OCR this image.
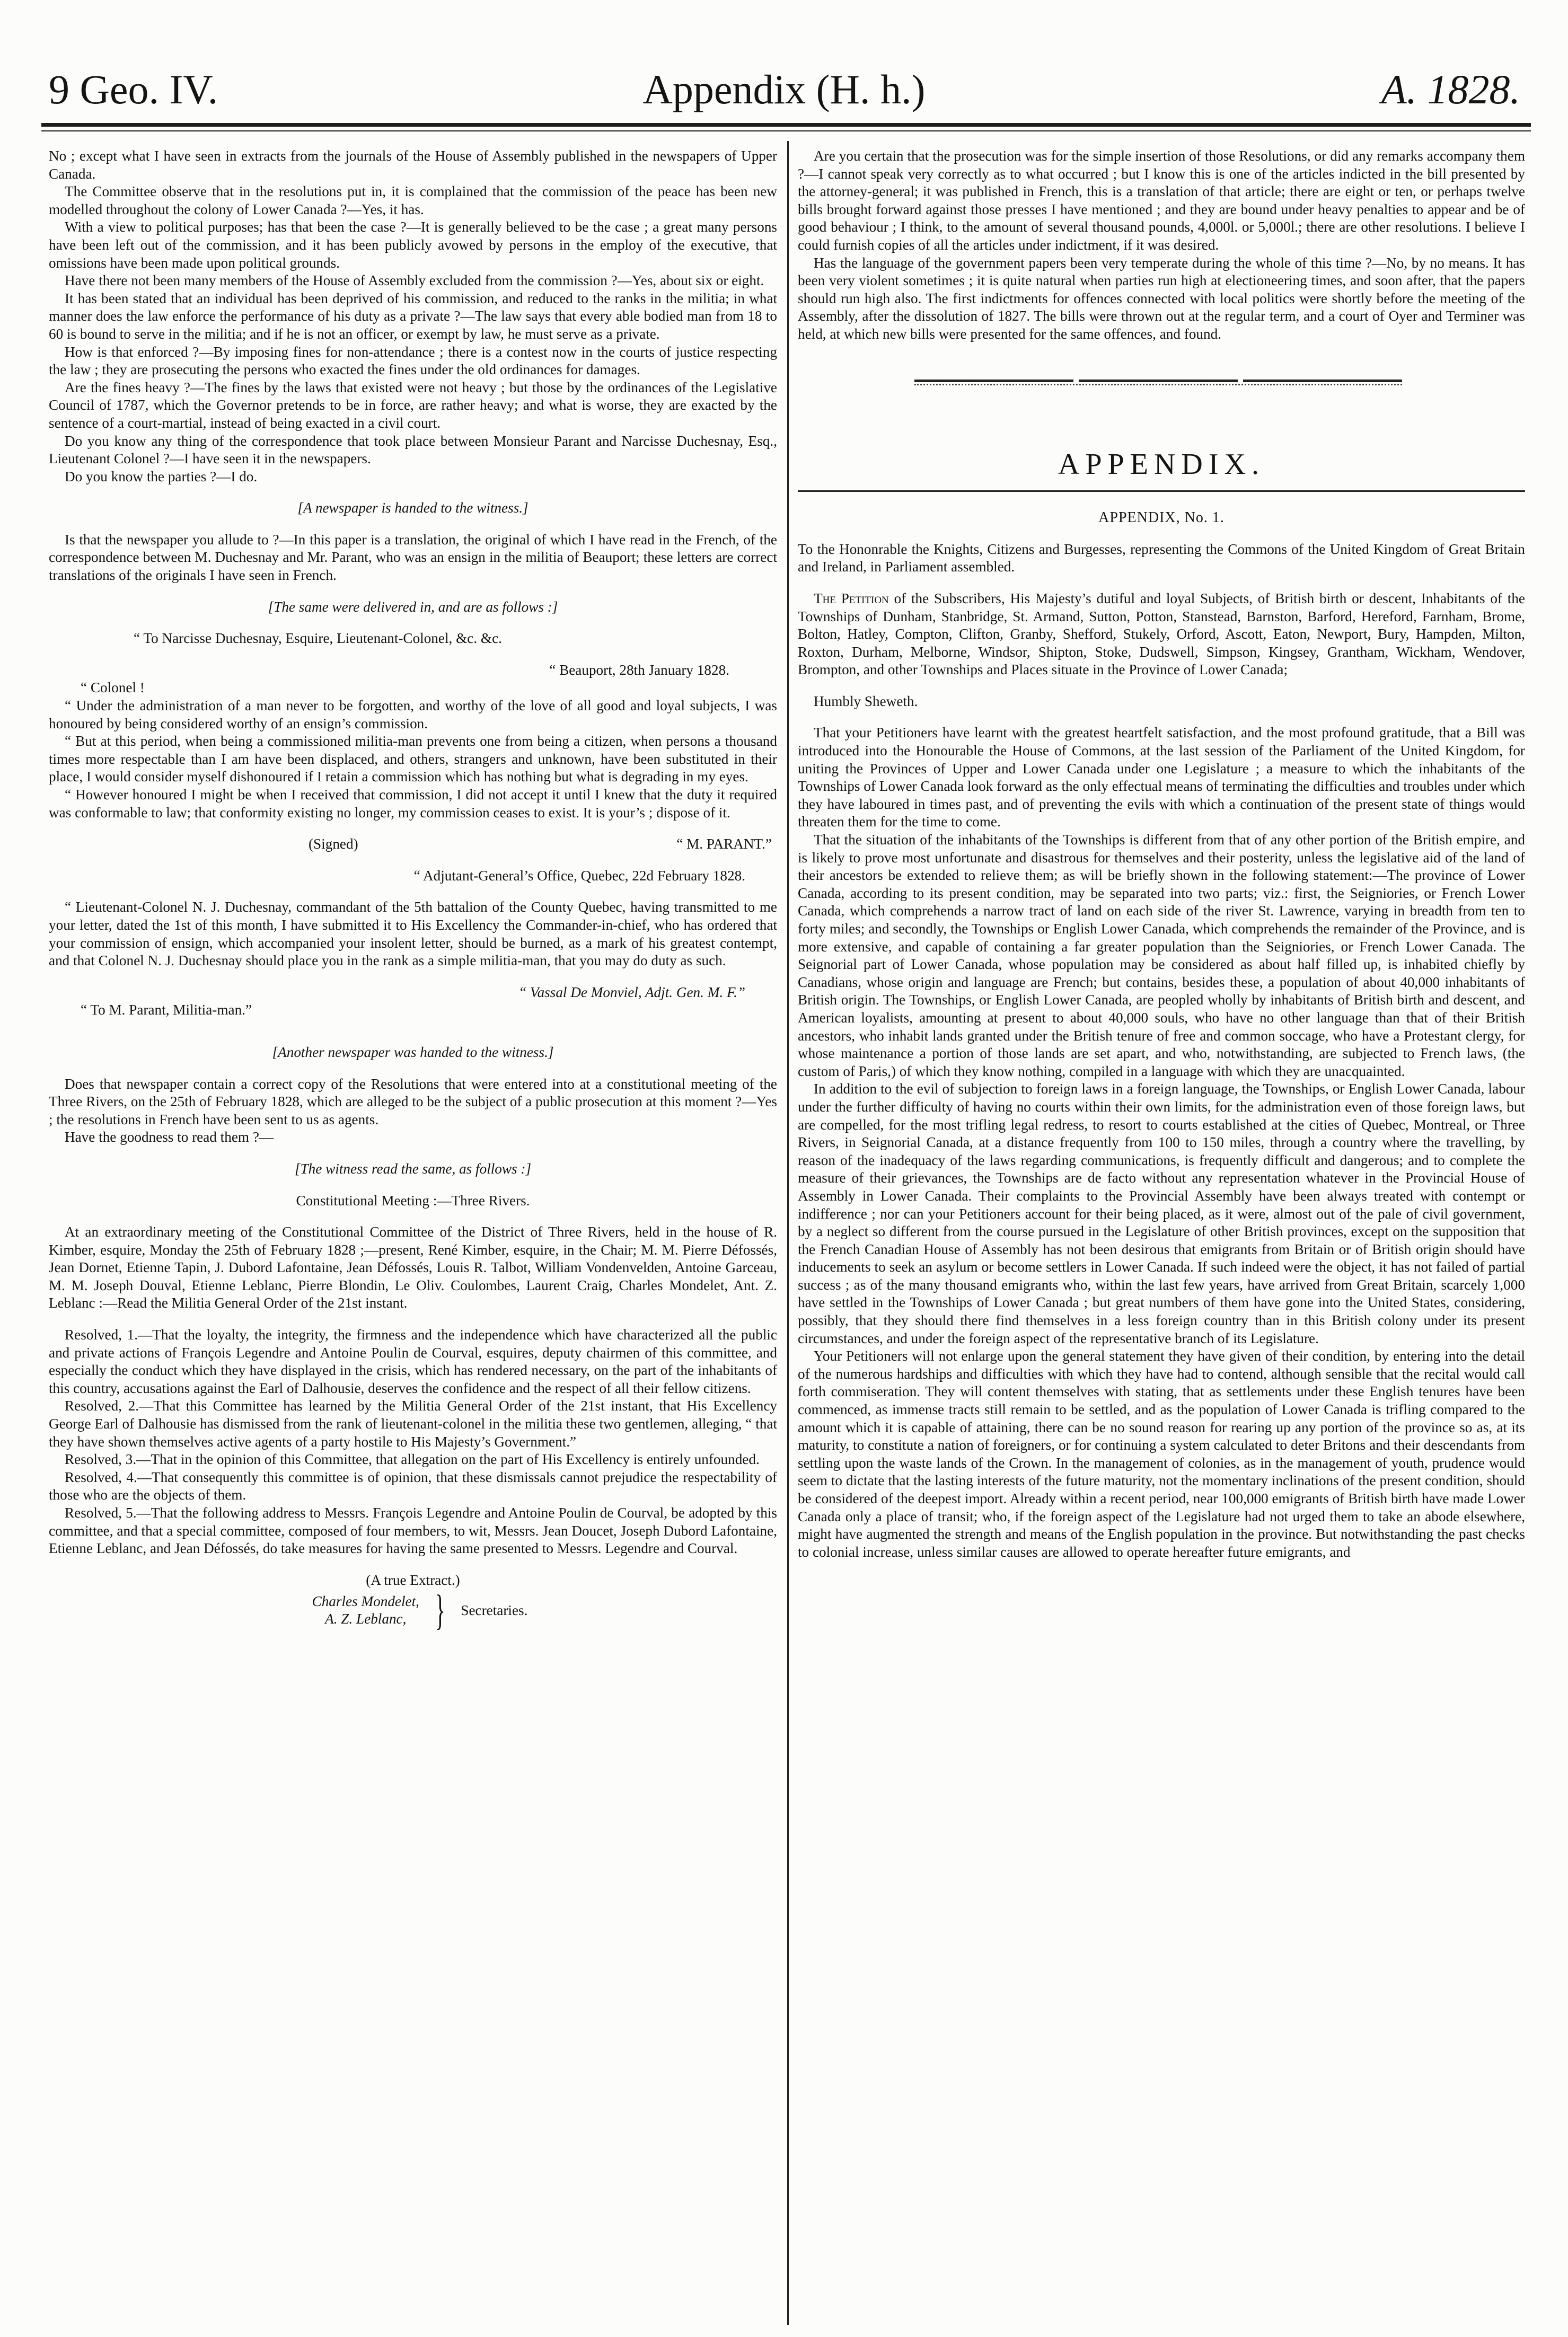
9 Geo. IV.	Appendix (H. h.)	A. 1828.

No ; except what I have seen in extracts from the journals of the House of Assembly published in the newspapers of Upper Canada.

The Committee observe that in the resolutions put in, it is complained that the commission of the peace has been new modelled throughout the colony of Lower Canada ?—Yes, it has.

With a view to political purposes; has that been the case ?—It is generally believed to be the case ; a great many persons have been left out of the commission, and it has been publicly avowed by persons in the employ of the executive, that omissions have been made upon political grounds.

Have there not been many members of the House of Assembly excluded from the commission ?—Yes, about six or eight.

It has been stated that an individual has been deprived of his commission, and reduced to the ranks in the militia; in what manner does the law enforce the performance of his duty as a private ?—The law says that every able bodied man from 18 to 60 is bound to serve in the militia; and if he is not an officer, or exempt by law, he must serve as a private.

How is that enforced ?—By imposing fines for non-attendance ; there is a contest now in the courts of justice respecting the law ; they are prosecuting the persons who exacted the fines under the old ordinances for damages.

Are the fines heavy ?—The fines by the laws that existed were not heavy ; but those by the ordinances of the Legislative Council of 1787, which the Governor pretends to be in force, are rather heavy; and what is worse, they are exacted by the sentence of a court-martial, instead of being exacted in a civil court.

Do you know any thing of the correspondence that took place between Monsieur Parant and Narcisse Duchesnay, Esq., Lieutenant Colonel ?—I have seen it in the newspapers.

Do you know the parties ?—I do.

[A newspaper is handed to the witness.]

Is that the newspaper you allude to ?—In this paper is a translation, the original of which I have read in the French, of the correspondence between M. Duchesnay and Mr. Parant, who was an ensign in the militia of Beauport; these letters are correct translations of the originals I have seen in French.

[The same were delivered in, and are as follows :]

“ To Narcisse Duchesnay, Esquire, Lieutenant-Colonel, &c. &c.

“ Beauport, 28th January 1828.

“ Colonel !

“ Under the administration of a man never to be forgotten, and worthy of the love of all good and loyal subjects, I was honoured by being considered worthy of an ensign’s commission.

“ But at this period, when being a commissioned militia-man prevents one from being a citizen, when persons a thousand times more respectable than I am have been displaced, and others, strangers and unknown, have been substituted in their place, I would consider myself dishonoured if I retain a commission which has nothing but what is degrading in my eyes.

“ However honoured I might be when I received that commission, I did not accept it until I knew that the duty it required was conformable to law; that conformity existing no longer, my commission ceases to exist. It is your’s ; dispose of it.

(Signed)	“ M. PARANT.”

“ Adjutant-General’s Office, Quebec, 22d February 1828.

“ Lieutenant-Colonel N. J. Duchesnay, commandant of the 5th battalion of the County Quebec, having transmitted to me your letter, dated the 1st of this month, I have submitted it to His Excellency the Commander-in-chief, who has ordered that your commission of ensign, which accompanied your insolent letter, should be burned, as a mark of his greatest contempt, and that Colonel N. J. Duchesnay should place you in the rank as a simple militia-man, that you may do duty as such.

“ Vassal De Monviel, Adjt. Gen. M. F.”

“ To M. Parant, Militia-man.”

[Another newspaper was handed to the witness.]

Does that newspaper contain a correct copy of the Resolutions that were entered into at a constitutional meeting of the Three Rivers, on the 25th of February 1828, which are alleged to be the subject of a public prosecution at this moment ?—Yes ; the resolutions in French have been sent to us as agents.

Have the goodness to read them ?—

[The witness read the same, as follows :]

Constitutional Meeting :—Three Rivers.

At an extraordinary meeting of the Constitutional Committee of the District of Three Rivers, held in the house of R. Kimber, esquire, Monday the 25th of February 1828 ;—present, René Kimber, esquire, in the Chair; M. M. Pierre Défossés, Jean Dornet, Etienne Tapin, J. Dubord Lafontaine, Jean Défossés, Louis R. Talbot, William Vondenvelden, Antoine Garceau, M. M. Joseph Douval, Etienne Leblanc, Pierre Blondin, Le Oliv. Coulombes, Laurent Craig, Charles Mondelet, Ant. Z. Leblanc :—Read the Militia General Order of the 21st instant.

Resolved, 1.—That the loyalty, the integrity, the firmness and the independence which have characterized all the public and private actions of François Legendre and Antoine Poulin de Courval, esquires, deputy chairmen of this committee, and especially the conduct which they have displayed in the crisis, which has rendered necessary, on the part of the inhabitants of this country, accusations against the Earl of Dalhousie, deserves the confidence and the respect of all their fellow citizens.

Resolved, 2.—That this Committee has learned by the Militia General Order of the 21st instant, that His Excellency George Earl of Dalhousie has dismissed from the rank of lieutenant-colonel in the militia these two gentlemen, alleging, “ that they have shown themselves active agents of a party hostile to His Majesty’s Government.”

Resolved, 3.—That in the opinion of this Committee, that allegation on the part of His Excellency is entirely unfounded.

Resolved, 4.—That consequently this committee is of opinion, that these dismissals cannot prejudice the respectability of those who are the objects of them.

Resolved, 5.—That the following address to Messrs. François Legendre and Antoine Poulin de Courval, be adopted by this committee, and that a special committee, composed of four members, to wit, Messrs. Jean Doucet, Joseph Dubord Lafontaine, Etienne Leblanc, and Jean Défossés, do take measures for having the same presented to Messrs. Legendre and Courval.

(A true Extract.)

Charles Mondelet,
A. Z. Leblanc, } Secretaries.

Are you certain that the prosecution was for the simple insertion of those Resolutions, or did any remarks accompany them ?—I cannot speak very correctly as to what occurred ; but I know this is one of the articles indicted in the bill presented by the attorney-general; it was published in French, this is a translation of that article; there are eight or ten, or perhaps twelve bills brought forward against those presses I have mentioned ; and they are bound under heavy penalties to appear and be of good behaviour ; I think, to the amount of several thousand pounds, 4,000l. or 5,000l.; there are other resolutions. I believe I could furnish copies of all the articles under indictment, if it was desired.

Has the language of the government papers been very temperate during the whole of this time ?—No, by no means. It has been very violent sometimes ; it is quite natural when parties run high at electioneering times, and soon after, that the papers should run high also. The first indictments for offences connected with local politics were shortly before the meeting of the Assembly, after the dissolution of 1827. The bills were thrown out at the regular term, and a court of Oyer and Terminer was held, at which new bills were presented for the same offences, and found.

APPENDIX.
APPENDIX, No. 1.

To the Hononrable the Knights, Citizens and Burgesses, representing the Commons of the United Kingdom of Great Britain and Ireland, in Parliament assembled.

The Petition of the Subscribers, His Majesty’s dutiful and loyal Subjects, of British birth or descent, Inhabitants of the Townships of Dunham, Stanbridge, St. Armand, Sutton, Potton, Stanstead, Barnston, Barford, Hereford, Farnham, Brome, Bolton, Hatley, Compton, Clifton, Granby, Shefford, Stukely, Orford, Ascott, Eaton, Newport, Bury, Hampden, Milton, Roxton, Durham, Melborne, Windsor, Shipton, Stoke, Dudswell, Simpson, Kingsey, Grantham, Wickham, Wendover, Brompton, and other Townships and Places situate in the Province of Lower Canada;

Humbly Sheweth.

That your Petitioners have learnt with the greatest heartfelt satisfaction, and the most profound gratitude, that a Bill was introduced into the Honourable the House of Commons, at the last session of the Parliament of the United Kingdom, for uniting the Provinces of Upper and Lower Canada under one Legislature ; a measure to which the inhabitants of the Townships of Lower Canada look forward as the only effectual means of terminating the difficulties and troubles under which they have laboured in times past, and of preventing the evils with which a continuation of the present state of things would threaten them for the time to come.

That the situation of the inhabitants of the Townships is different from that of any other portion of the British empire, and is likely to prove most unfortunate and disastrous for themselves and their posterity, unless the legislative aid of the land of their ancestors be extended to relieve them; as will be briefly shown in the following statement:—The province of Lower Canada, according to its present condition, may be separated into two parts; viz.: first, the Seigniories, or French Lower Canada, which comprehends a narrow tract of land on each side of the river St. Lawrence, varying in breadth from ten to forty miles; and secondly, the Townships or English Lower Canada, which comprehends the remainder of the Province, and is more extensive, and capable of containing a far greater population than the Seigniories, or French Lower Canada. The Seignorial part of Lower Canada, whose population may be considered as about half filled up, is inhabited chiefly by Canadians, whose origin and language are French; but contains, besides these, a population of about 40,000 inhabitants of British origin. The Townships, or English Lower Canada, are peopled wholly by inhabitants of British birth and descent, and American loyalists, amounting at present to about 40,000 souls, who have no other language than that of their British ancestors, who inhabit lands granted under the British tenure of free and common soccage, who have a Protestant clergy, for whose maintenance a portion of those lands are set apart, and who, notwithstanding, are subjected to French laws, (the custom of Paris,) of which they know nothing, compiled in a language with which they are unacquainted.

In addition to the evil of subjection to foreign laws in a foreign language, the Townships, or English Lower Canada, labour under the further difficulty of having no courts within their own limits, for the administration even of those foreign laws, but are compelled, for the most trifling legal redress, to resort to courts established at the cities of Quebec, Montreal, or Three Rivers, in Seignorial Canada, at a distance frequently from 100 to 150 miles, through a country where the travelling, by reason of the inadequacy of the laws regarding communications, is frequently difficult and dangerous; and to complete the measure of their grievances, the Townships are de facto without any representation whatever in the Provincial House of Assembly in Lower Canada. Their complaints to the Provincial Assembly have been always treated with contempt or indifference ; nor can your Petitioners account for their being placed, as it were, almost out of the pale of civil government, by a neglect so different from the course pursued in the Legislature of other British provinces, except on the supposition that the French Canadian House of Assembly has not been desirous that emigrants from Britain or of British origin should have inducements to seek an asylum or become settlers in Lower Canada. If such indeed were the object, it has not failed of partial success ; as of the many thousand emigrants who, within the last few years, have arrived from Great Britain, scarcely 1,000 have settled in the Townships of Lower Canada ; but great numbers of them have gone into the United States, considering, possibly, that they should there find themselves in a less foreign country than in this British colony under its present circumstances, and under the foreign aspect of the representative branch of its Legislature.

Your Petitioners will not enlarge upon the general statement they have given of their condition, by entering into the detail of the numerous hardships and difficulties with which they have had to contend, although sensible that the recital would call forth commiseration. They will content themselves with stating, that as settlements under these English tenures have been commenced, as immense tracts still remain to be settled, and as the population of Lower Canada is trifling compared to the amount which it is capable of attaining, there can be no sound reason for rearing up any portion of the province so as, at its maturity, to constitute a nation of foreigners, or for continuing a system calculated to deter Britons and their descendants from settling upon the waste lands of the Crown. In the management of colonies, as in the management of youth, prudence would seem to dictate that the lasting interests of the future maturity, not the momentary inclinations of the present condition, should be considered of the deepest import. Already within a recent period, near 100,000 emigrants of British birth have made Lower Canada only a place of transit; who, if the foreign aspect of the Legislature had not urged them to take an abode elsewhere, might have augmented the strength and means of the English population in the province. But notwithstanding the past checks to colonial increase, unless similar causes are allowed to operate hereafter future emigrants, and
